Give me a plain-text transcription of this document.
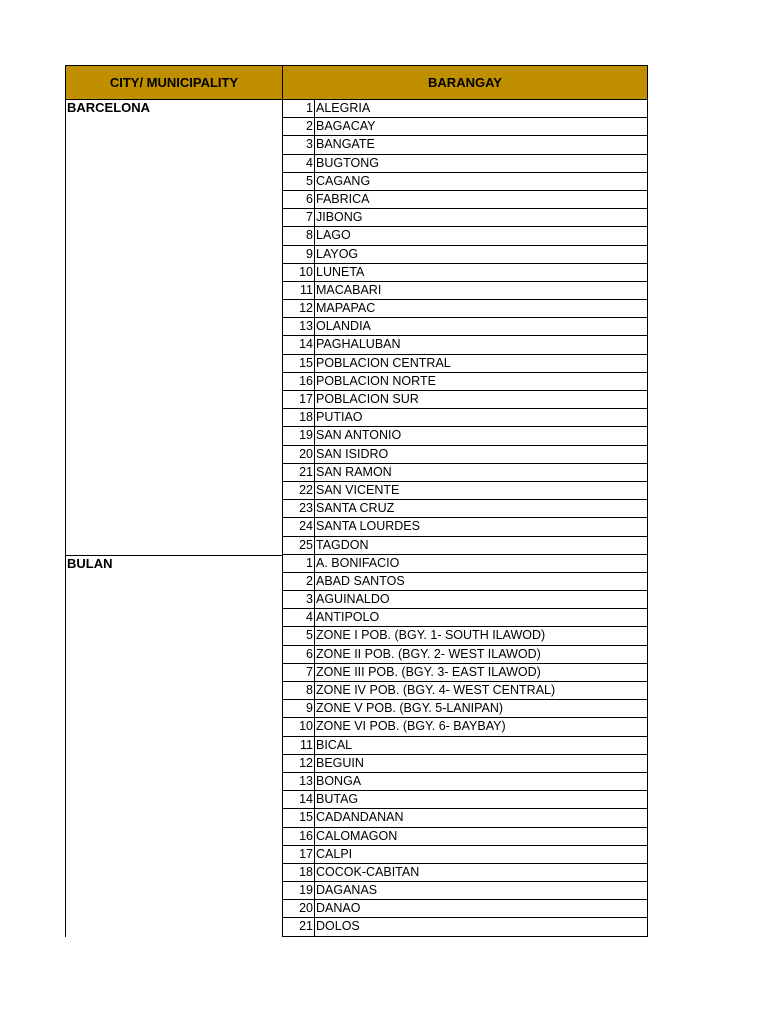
CITY/ MUNICIPALITY	BARANGAY
BARCELONA	1 ALEGRIA
2 BAGACAY
3 BANGATE
4 BUGTONG
5 CAGANG
6 FABRICA
7 JIBONG
8 LAGO
9 LAYOG
10 LUNETA
11 MACABARI
12 MAPAPAC
13 OLANDIA
14 PAGHALUBAN
15 POBLACION CENTRAL
16 POBLACION NORTE
17 POBLACION SUR
18 PUTIAO
19 SAN ANTONIO
20 SAN ISIDRO
21 SAN RAMON
22 SAN VICENTE
23 SANTA CRUZ
24 SANTA LOURDES
25 TAGDON
BULAN	1 A. BONIFACIO
2 ABAD SANTOS
3 AGUINALDO
4 ANTIPOLO
5 ZONE I POB. (BGY. 1- SOUTH ILAWOD)
6 ZONE II POB. (BGY. 2- WEST ILAWOD)
7 ZONE III POB. (BGY. 3- EAST ILAWOD)
8 ZONE IV POB. (BGY. 4- WEST CENTRAL)
9 ZONE V POB. (BGY. 5-LANIPAN)
10 ZONE VI POB. (BGY. 6- BAYBAY)
11 BICAL
12 BEGUIN
13 BONGA
14 BUTAG
15 CADANDANAN
16 CALOMAGON
17 CALPI
18 COCOK-CABITAN
19 DAGANAS
20 DANAO
21 DOLOS
